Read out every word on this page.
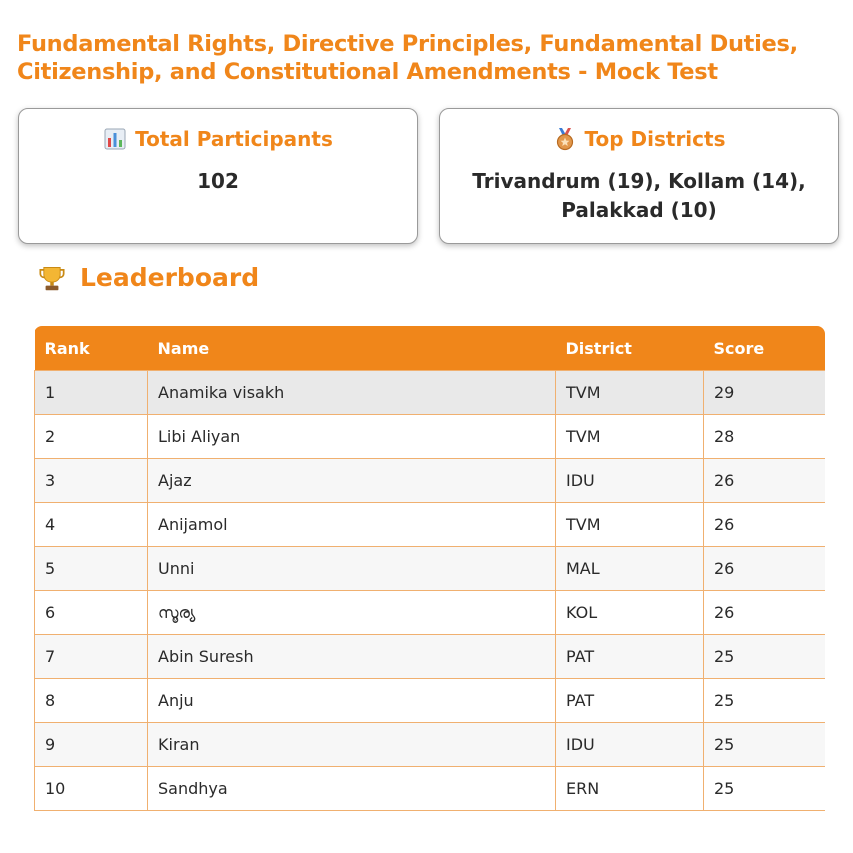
Fundamental Rights, Directive Principles, Fundamental Duties, Citizenship, and Constitutional Amendments - Mock Test
Total Participants
102
Top Districts
Trivandrum (19), Kollam (14), Palakkad (10)
Leaderboard
Rank	Name	District	Score
1	Anamika visakh	TVM	29
2	Libi Aliyan	TVM	28
3	Ajaz	IDU	26
4	Anijamol	TVM	26
5	Unni	MAL	26
6	സൂര്യ	KOL	26
7	Abin Suresh	PAT	25
8	Anju	PAT	25
9	Kiran	IDU	25
10	Sandhya	ERN	25
